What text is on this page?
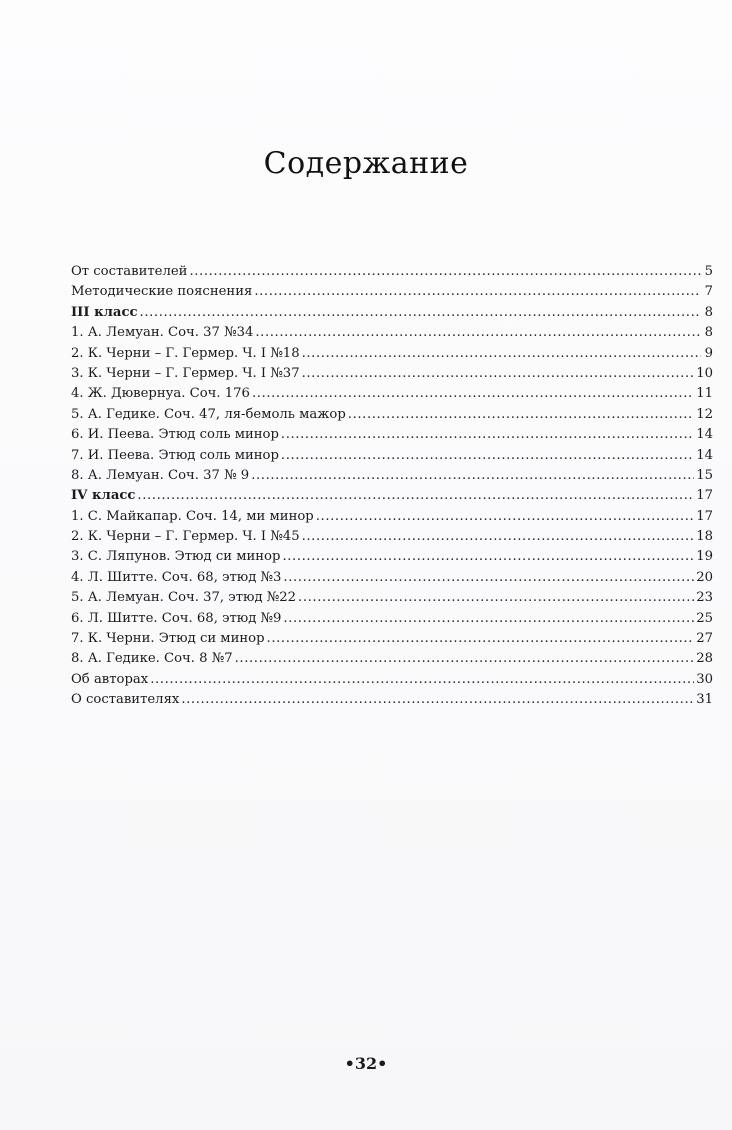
Содержание
От составителей .....	5
Методические пояснения .....	7
III класс .....	8
1. А. Лемуан. Соч. 37 №34 .....	8
2. К. Черни – Г. Гермер. Ч. I №18 .....	9
3. К. Черни – Г. Гермер. Ч. I №37 .....	10
4. Ж. Дювернуа. Соч. 176 .....	11
5. А. Гедике. Соч. 47, ля-бемоль мажор .....	12
6. И. Пеева. Этюд соль минор .....	14
7. И. Пеева. Этюд соль минор .....	14
8. А. Лемуан. Соч. 37 № 9 .....	15
IV класс .....	17
1. С. Майкапар. Соч. 14, ми минор .....	17
2. К. Черни – Г. Гермер. Ч. I №45 .....	18
3. С. Ляпунов. Этюд си минор .....	19
4. Л. Шитте. Соч. 68, этюд №3 .....	20
5. А. Лемуан. Соч. 37, этюд №22 .....	23
6. Л. Шитте. Соч. 68, этюд №9 .....	25
7. К. Черни. Этюд си минор .....	27
8. А. Гедике. Соч. 8 №7 .....	28
Об авторах .....	30
О составителях .....	31
•32•
